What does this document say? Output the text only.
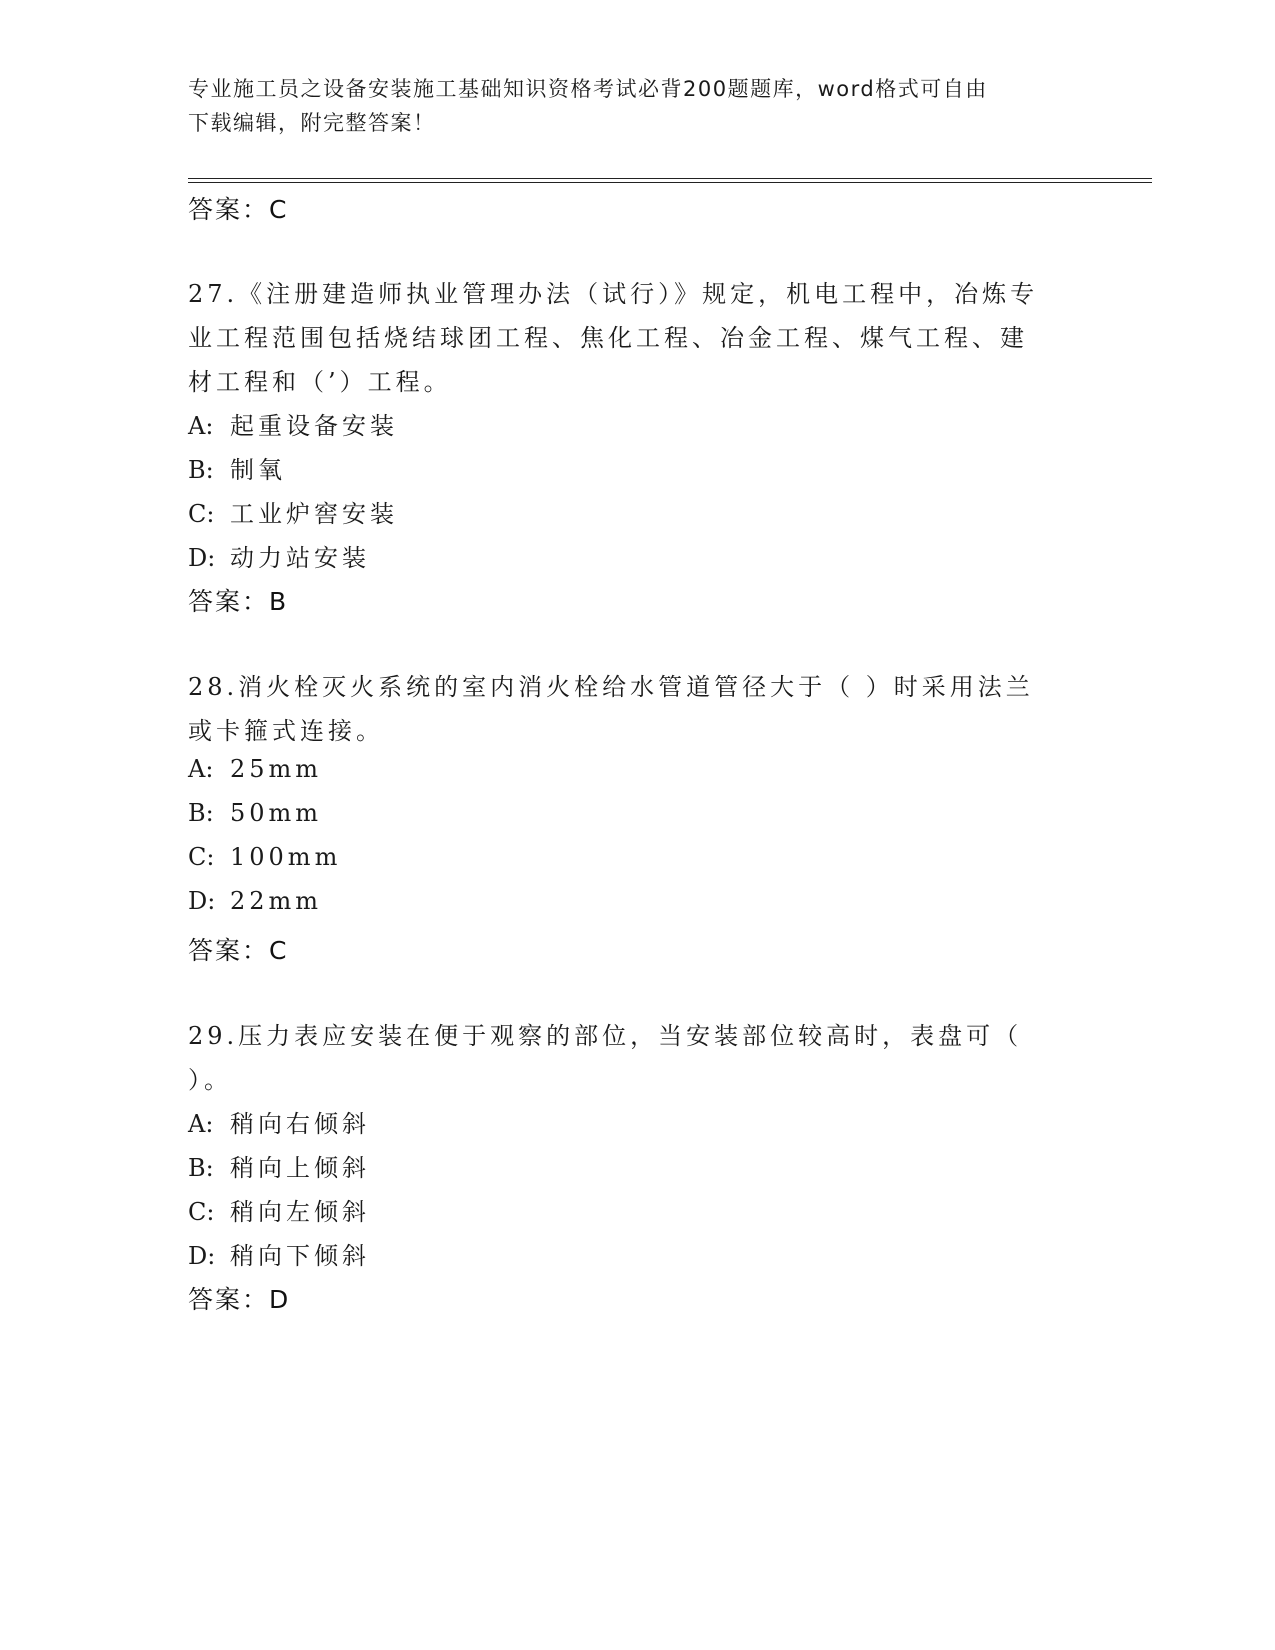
专业施工员之设备安装施工基础知识资格考试必背200题题库，word格式可自由
下载编辑，附完整答案！
答案：C
27.《注册建造师执业管理办法（试行）》规定，机电工程中，冶炼专
业工程范围包括烧结球团工程、焦化工程、冶金工程、煤气工程、建
材工程和（’）工程。
A: 起重设备安装
B: 制氧
C: 工业炉窖安装
D: 动力站安装
答案：B
28.消火栓灭火系统的室内消火栓给水管道管径大于（ ）时采用法兰
或卡箍式连接。
A: 25mm
B: 50mm
C: 100mm
D: 22mm
答案：C
29.压力表应安装在便于观察的部位，当安装部位较高时，表盘可（
）。
A: 稍向右倾斜
B: 稍向上倾斜
C: 稍向左倾斜
D: 稍向下倾斜
答案：D
